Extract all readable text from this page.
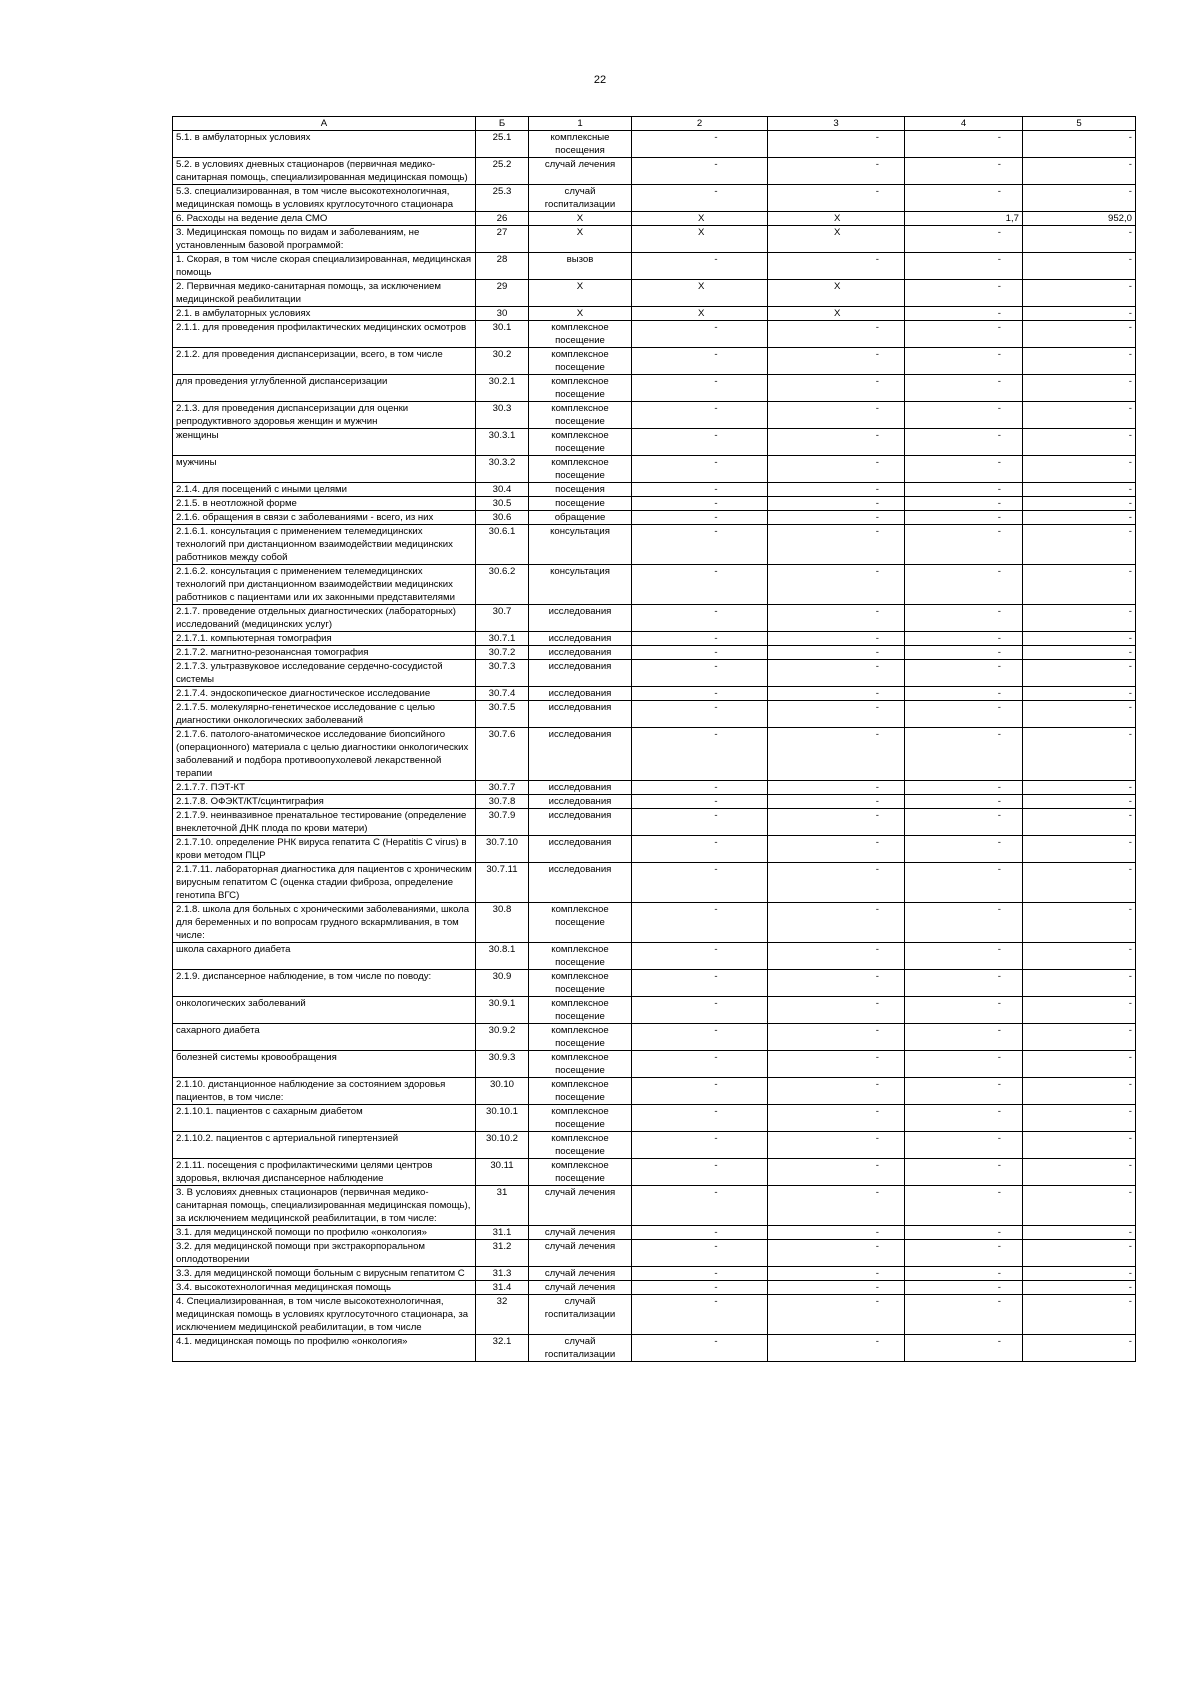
22
А	Б	1	2	3	4	5
5.1. в амбулаторных условиях	25.1	комплексные посещения	-	-	-	-
5.2. в условиях дневных стационаров (первичная медико-санитарная помощь, специализированная медицинская помощь)	25.2	случай лечения	-	-	-	-
5.3. специализированная, в том числе высокотехнологичная, медицинская помощь в условиях круглосуточного стационара	25.3	случай госпитализации	-	-	-	-
6. Расходы на ведение дела СМО	26	Х	Х	Х	1,7	952,0
3. Медицинская помощь по видам и заболеваниям, не установленным базовой программой:	27	Х	Х	Х	-	-
1. Скорая, в том числе скорая специализированная, медицинская помощь	28	вызов	-	-	-	-
2. Первичная медико-санитарная помощь, за исключением медицинской реабилитации	29	Х	Х	Х	-	-
2.1. в амбулаторных условиях	30	Х	Х	Х	-	-
2.1.1. для проведения профилактических медицинских осмотров	30.1	комплексное посещение	-	-	-	-
2.1.2. для проведения диспансеризации, всего, в том числе	30.2	комплексное посещение	-	-	-	-
для проведения углубленной диспансеризации	30.2.1	комплексное посещение	-	-	-	-
2.1.3. для проведения диспансеризации для оценки репродуктивного здоровья женщин и мужчин	30.3	комплексное посещение	-	-	-	-
женщины	30.3.1	комплексное посещение	-	-	-	-
мужчины	30.3.2	комплексное посещение	-	-	-	-
2.1.4. для посещений с иными целями	30.4	посещения	-	-	-	-
2.1.5. в неотложной форме	30.5	посещение	-	-	-	-
2.1.6. обращения в связи с заболеваниями - всего, из них	30.6	обращение	-	-	-	-
2.1.6.1. консультация с применением телемедицинских технологий при дистанционном взаимодействии медицинских работников между собой	30.6.1	консультация	-	-	-	-
2.1.6.2. консультация с применением телемедицинских технологий при дистанционном взаимодействии медицинских работников с пациентами или их законными представителями	30.6.2	консультация	-	-	-	-
2.1.7. проведение отдельных диагностических (лабораторных) исследований (медицинских услуг)	30.7	исследования	-	-	-	-
2.1.7.1. компьютерная томография	30.7.1	исследования	-	-	-	-
2.1.7.2. магнитно-резонансная томография	30.7.2	исследования	-	-	-	-
2.1.7.3. ультразвуковое исследование сердечно-сосудистой системы	30.7.3	исследования	-	-	-	-
2.1.7.4. эндоскопическое диагностическое исследование	30.7.4	исследования	-	-	-	-
2.1.7.5. молекулярно-генетическое исследование с целью диагностики онкологических заболеваний	30.7.5	исследования	-	-	-	-
2.1.7.6. патолого-анатомическое исследование биопсийного (операционного) материала с целью диагностики онкологических заболеваний и подбора противоопухолевой лекарственной терапии	30.7.6	исследования	-	-	-	-
2.1.7.7. ПЭТ-КТ	30.7.7	исследования	-	-	-	-
2.1.7.8. ОФЭКТ/КТ/сцинтиграфия	30.7.8	исследования	-	-	-	-
2.1.7.9. неинвазивное пренатальное тестирование (определение внеклеточной ДНК плода по крови матери)	30.7.9	исследования	-	-	-	-
2.1.7.10. определение РНК вируса гепатита С (Hepatitis C virus) в крови методом ПЦР	30.7.10	исследования	-	-	-	-
2.1.7.11. лабораторная диагностика для пациентов с хроническим вирусным гепатитом С (оценка стадии фиброза, определение генотипа ВГС)	30.7.11	исследования	-	-	-	-
2.1.8. школа для больных с хроническими заболеваниями, школа для беременных и по вопросам грудного вскармливания, в том числе:	30.8	комплексное посещение	-	-	-	-
школа сахарного диабета	30.8.1	комплексное посещение	-	-	-	-
2.1.9. диспансерное наблюдение, в том числе по поводу:	30.9	комплексное посещение	-	-	-	-
онкологических заболеваний	30.9.1	комплексное посещение	-	-	-	-
сахарного диабета	30.9.2	комплексное посещение	-	-	-	-
болезней системы кровообращения	30.9.3	комплексное посещение	-	-	-	-
2.1.10. дистанционное наблюдение за состоянием здоровья пациентов, в том числе:	30.10	комплексное посещение	-	-	-	-
2.1.10.1. пациентов с сахарным диабетом	30.10.1	комплексное посещение	-	-	-	-
2.1.10.2. пациентов с артериальной гипертензией	30.10.2	комплексное посещение	-	-	-	-
2.1.11. посещения с профилактическими целями центров здоровья, включая диспансерное наблюдение	30.11	комплексное посещение	-	-	-	-
3. В условиях дневных стационаров (первичная медико-санитарная помощь, специализированная медицинская помощь), за исключением медицинской реабилитации, в том числе:	31	случай лечения	-	-	-	-
3.1. для медицинской помощи по профилю «онкология»	31.1	случай лечения	-	-	-	-
3.2. для медицинской помощи при экстракорпоральном оплодотворении	31.2	случай лечения	-	-	-	-
3.3. для медицинской помощи больным с вирусным гепатитом С	31.3	случай лечения	-	-	-	-
3.4. высокотехнологичная медицинская помощь	31.4	случай лечения	-	-	-	-
4. Специализированная, в том числе высокотехнологичная, медицинская помощь в условиях круглосуточного стационара, за исключением медицинской реабилитации, в том числе	32	случай госпитализации	-	-	-	-
4.1. медицинская помощь по профилю «онкология»	32.1	случай госпитализации	-	-	-	-
